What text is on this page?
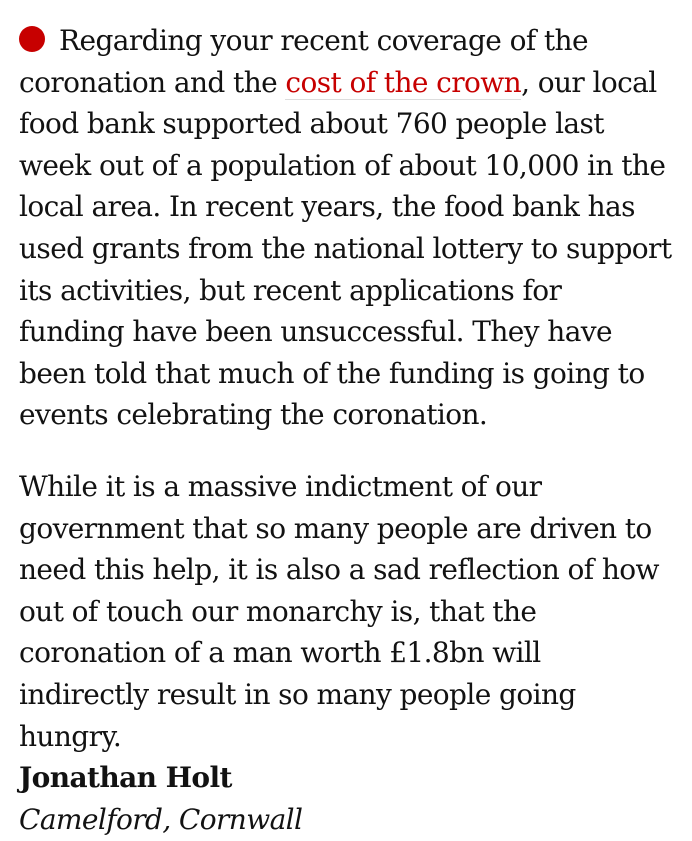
Regarding your recent coverage of the coronation and the cost of the crown, our local food bank supported about 760 people last week out of a population of about 10,000 in the local area. In recent years, the food bank has used grants from the national lottery to support its activities, but recent applications for funding have been unsuccessful. They have been told that much of the funding is going to events celebrating the coronation.

While it is a massive indictment of our government that so many people are driven to need this help, it is also a sad reflection of how out of touch our monarchy is, that the coronation of a man worth £1.8bn will indirectly result in so many people going hungry.

Jonathan Holt
Camelford, Cornwall
